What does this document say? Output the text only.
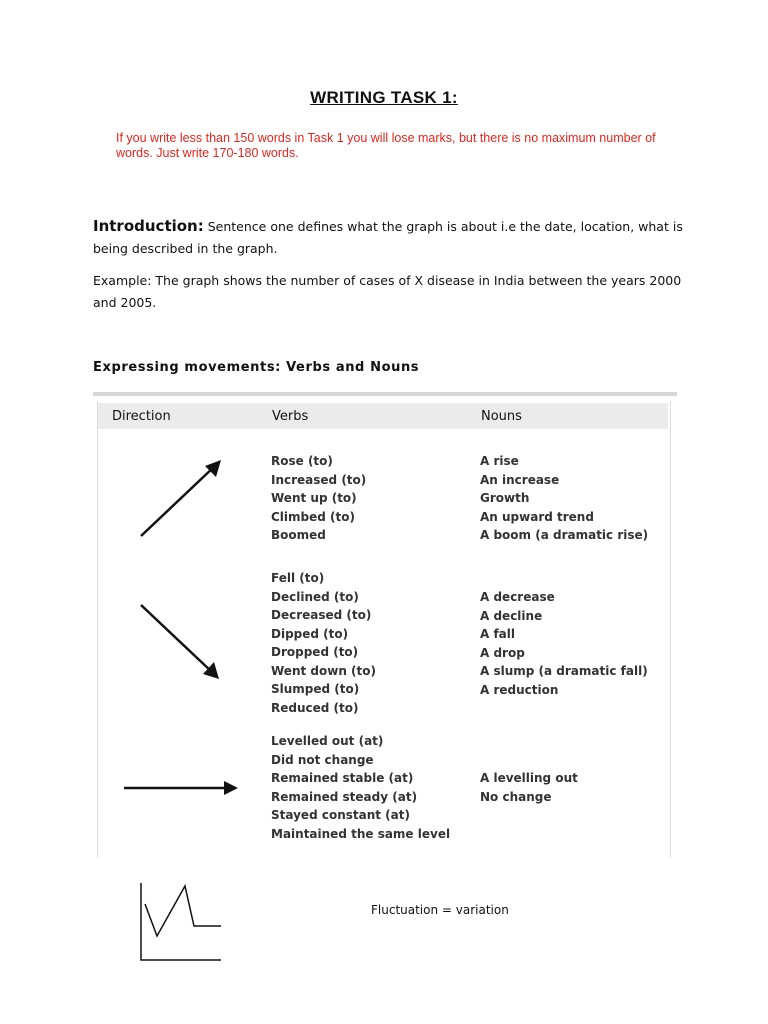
WRITING TASK 1:
If you write less than 150 words in Task 1 you will lose marks, but there is no maximum number of words. Just write 170-180 words.
Introduction: Sentence one defines what the graph is about i.e the date, location, what is being described in the graph.
Example: The graph shows the number of cases of X disease in India between the years 2000 and 2005.
Expressing movements: Verbs and Nouns
Direction	Verbs	Nouns
Rose (to)
Increased (to)
Went up (to)
Climbed (to)
Boomed
A rise
An increase
Growth
An upward trend
A boom (a dramatic rise)
Fell (to)
Declined (to)
Decreased (to)
Dipped (to)
Dropped (to)
Went down (to)
Slumped (to)
Reduced (to)
A decrease
A decline
A fall
A drop
A slump (a dramatic fall)
A reduction
Levelled out (at)
Did not change
Remained stable (at)
Remained steady (at)
Stayed constant (at)
Maintained the same level
A levelling out
No change
Fluctuation = variation
